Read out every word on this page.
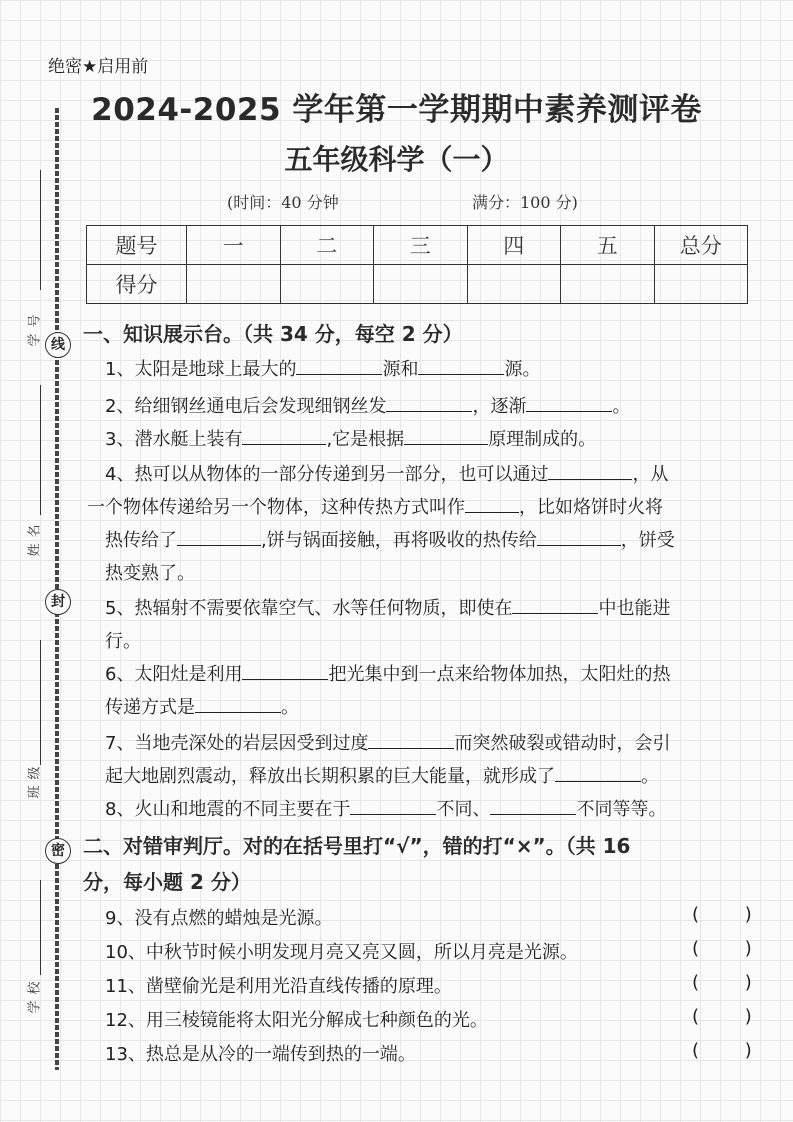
绝密★启用前
2024-2025 学年第一学期期中素养测评卷
五年级科学（一）
(时间：40 分钟	满分：100 分)
题号	一	二	三	四	五	总分
得分						
线
封
密
学号
姓名
班级
学校
一、知识展示台。（共 34 分，每空 2 分）
1、太阳是地球上最大的	源和	源。
2、给细钢丝通电后会发现细钢丝发	，逐渐	。
3、潜水艇上装有	,它是根据	原理制成的。
4、热可以从物体的一部分传递到另一部分，也可以通过	，从
一个物体传递给另一个物体，这种传热方式叫作	，比如烙饼时火将
热传给了	,饼与锅面接触，再将吸收的热传给	，饼受
热变熟了。
5、热辐射不需要依靠空气、水等任何物质，即使在	中也能进
行。
6、太阳灶是利用	把光集中到一点来给物体加热，太阳灶的热
传递方式是	。
7、当地壳深处的岩层因受到过度	而突然破裂或错动时，会引
起大地剧烈震动，释放出长期积累的巨大能量，就形成了	。
8、火山和地震的不同主要在于	不同、	不同等等。
二、对错审判厅。对的在括号里打“√”，错的打“×”。（共 16
分，每小题 2 分）
9、没有点燃的蜡烛是光源。	( )
10、中秋节时候小明发现月亮又亮又圆，所以月亮是光源。	( )
11、凿壁偷光是利用光沿直线传播的原理。	( )
12、用三棱镜能将太阳光分解成七种颜色的光。	( )
13、热总是从冷的一端传到热的一端。	( )
